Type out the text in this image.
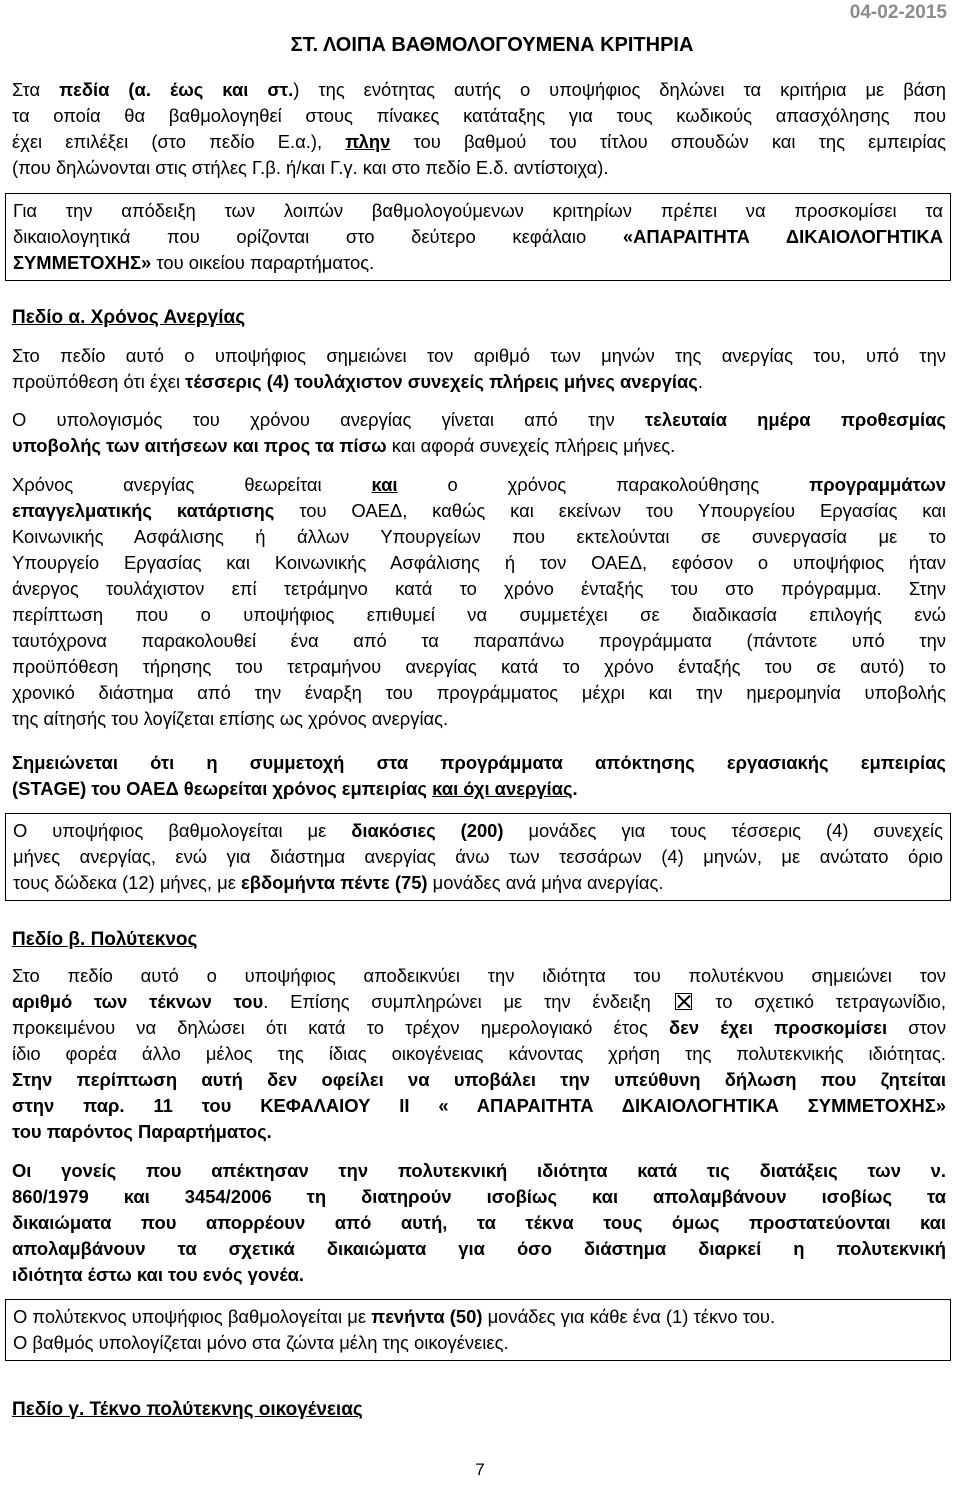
04-02-2015
ΣΤ. ΛΟΙΠΑ ΒΑΘΜΟΛΟΓΟΥΜΕΝΑ ΚΡΙΤΗΡΙΑ
Στα πεδία (α. έως και στ.) της ενότητας αυτής ο υποψήφιος δηλώνει τα κριτήρια με βάση
τα οποία θα βαθμολογηθεί στους πίνακες κατάταξης για τους κωδικούς απασχόλησης που
έχει επιλέξει (στο πεδίο Ε.α.), πλην του βαθμού του τίτλου σπουδών και της εμπειρίας
(που δηλώνονται στις στήλες Γ.β. ή/και Γ.γ. και στο πεδίο Ε.δ. αντίστοιχα).
Για την απόδειξη των λοιπών βαθμολογούμενων κριτηρίων πρέπει να προσκομίσει τα
δικαιολογητικά που ορίζονται στο δεύτερο κεφάλαιο «ΑΠΑΡΑΙΤΗΤΑ ΔΙΚΑΙΟΛΟΓΗΤΙΚΑ
ΣΥΜΜΕΤΟΧΗΣ» του οικείου παραρτήματος.
Πεδίο α. Χρόνος Ανεργίας
Στο πεδίο αυτό ο υποψήφιος σημειώνει τον αριθμό των μηνών της ανεργίας του, υπό την
προϋπόθεση ότι έχει τέσσερις (4) τουλάχιστον συνεχείς πλήρεις μήνες ανεργίας.
Ο υπολογισμός του χρόνου ανεργίας γίνεται από την τελευταία ημέρα προθεσμίας
υποβολής των αιτήσεων και προς τα πίσω και αφορά συνεχείς πλήρεις μήνες.
Χρόνος ανεργίας θεωρείται και ο χρόνος παρακολούθησης προγραμμάτων
επαγγελματικής κατάρτισης του ΟΑΕΔ, καθώς και εκείνων του Υπουργείου Εργασίας και
Κοινωνικής Ασφάλισης ή άλλων Υπουργείων που εκτελούνται σε συνεργασία με το
Υπουργείο Εργασίας και Κοινωνικής Ασφάλισης ή τον ΟΑΕΔ, εφόσον ο υποψήφιος ήταν
άνεργος τουλάχιστον επί τετράμηνο κατά το χρόνο ένταξής του στο πρόγραμμα. Στην
περίπτωση που ο υποψήφιος επιθυμεί να συμμετέχει σε διαδικασία επιλογής ενώ
ταυτόχρονα παρακολουθεί ένα από τα παραπάνω προγράμματα (πάντοτε υπό την
προϋπόθεση τήρησης του τετραμήνου ανεργίας κατά το χρόνο ένταξής του σε αυτό) το
χρονικό διάστημα από την έναρξη του προγράμματος μέχρι και την ημερομηνία υποβολής
της αίτησής του λογίζεται επίσης ως χρόνος ανεργίας.
Σημειώνεται ότι η συμμετοχή στα προγράμματα απόκτησης εργασιακής εμπειρίας
(STAGE) του ΟΑΕΔ θεωρείται χρόνος εμπειρίας και όχι ανεργίας.
Ο υποψήφιος βαθμολογείται με διακόσιες (200) μονάδες για τους τέσσερις (4) συνεχείς
μήνες ανεργίας, ενώ για διάστημα ανεργίας άνω των τεσσάρων (4) μηνών, με ανώτατο όριο
τους δώδεκα (12) μήνες, με εβδομήντα πέντε (75) μονάδες ανά μήνα ανεργίας.
Πεδίο β. Πολύτεκνος
Στο πεδίο αυτό ο υποψήφιος αποδεικνύει την ιδιότητα του πολυτέκνου σημειώνει τον
αριθμό των τέκνων του. Επίσης συμπληρώνει με την ένδειξη  το σχετικό τετραγωνίδιο,
προκειμένου να δηλώσει ότι κατά το τρέχον ημερολογιακό έτος δεν έχει προσκομίσει στον
ίδιο φορέα άλλο μέλος της ίδιας οικογένειας κάνοντας χρήση της πολυτεκνικής ιδιότητας.
Στην περίπτωση αυτή δεν οφείλει να υποβάλει την υπεύθυνη δήλωση που ζητείται
στην παρ. 11 του ΚΕΦΑΛΑΙΟΥ ΙΙ « ΑΠΑΡΑΙΤΗΤΑ ΔΙΚΑΙΟΛΟΓΗΤΙΚΑ ΣΥΜΜΕΤΟΧΗΣ»
του παρόντος Παραρτήματος.
Οι γονείς που απέκτησαν την πολυτεκνική ιδιότητα κατά τις διατάξεις των ν.
860/1979 και 3454/2006 τη διατηρούν ισοβίως και απολαμβάνουν ισοβίως τα
δικαιώματα που απορρέουν από αυτή, τα τέκνα τους όμως προστατεύονται και
απολαμβάνουν τα σχετικά δικαιώματα για όσο διάστημα διαρκεί η πολυτεκνική
ιδιότητα έστω και του ενός γονέα.
Ο πολύτεκνος υποψήφιος βαθμολογείται με πενήντα (50) μονάδες για κάθε ένα (1) τέκνο του.
Ο βαθμός υπολογίζεται μόνο στα ζώντα μέλη της οικογένειες.
Πεδίο γ. Τέκνο πολύτεκνης οικογένειας
7
